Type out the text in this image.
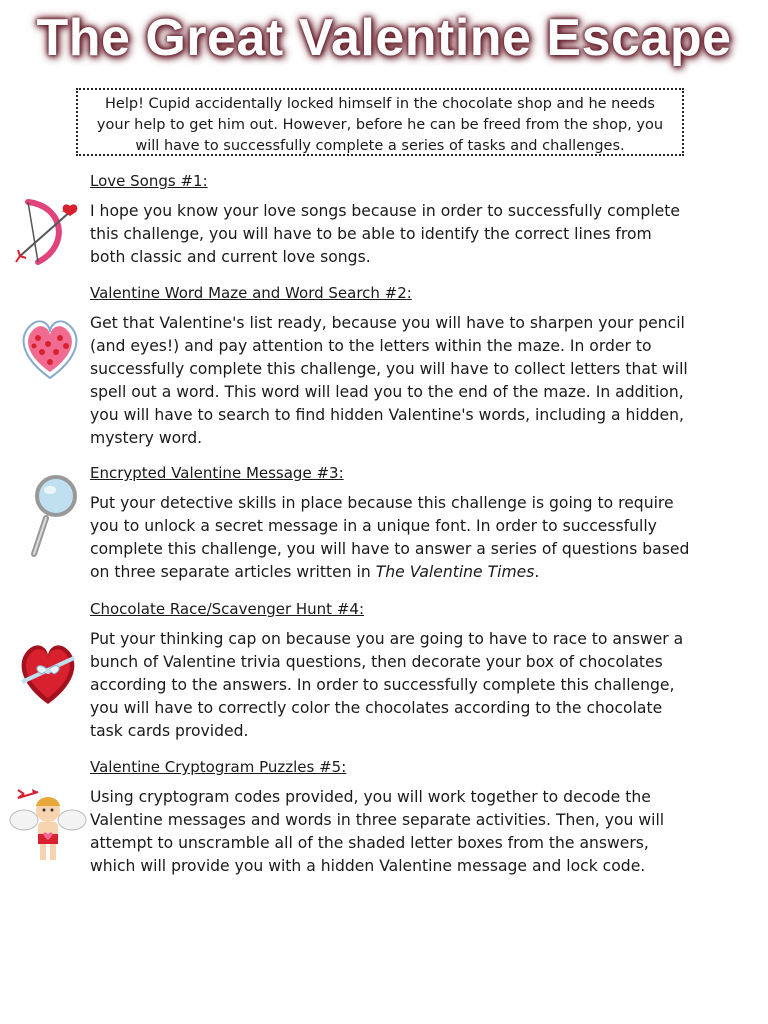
The Great Valentine Escape
Help! Cupid accidentally locked himself in the chocolate shop and he needs your help to get him out. However, before he can be freed from the shop, you will have to successfully complete a series of tasks and challenges.

Love Songs #1:

I hope you know your love songs because in order to successfully complete this challenge, you will have to be able to identify the correct lines from both classic and current love songs.

Valentine Word Maze and Word Search #2:

Get that Valentine's list ready, because you will have to sharpen your pencil (and eyes!) and pay attention to the letters within the maze. In order to successfully complete this challenge, you will have to collect letters that will spell out a word. This word will lead you to the end of the maze. In addition, you will have to search to find hidden Valentine's words, including a hidden, mystery word.

Encrypted Valentine Message #3:

Put your detective skills in place because this challenge is going to require you to unlock a secret message in a unique font. In order to successfully complete this challenge, you will have to answer a series of questions based on three separate articles written in The Valentine Times.

Chocolate Race/Scavenger Hunt #4:

Put your thinking cap on because you are going to have to race to answer a bunch of Valentine trivia questions, then decorate your box of chocolates according to the answers. In order to successfully complete this challenge, you will have to correctly color the chocolates according to the chocolate task cards provided.

Valentine Cryptogram Puzzles #5:

Using cryptogram codes provided, you will work together to decode the Valentine messages and words in three separate activities. Then, you will attempt to unscramble all of the shaded letter boxes from the answers, which will provide you with a hidden Valentine message and lock code.
